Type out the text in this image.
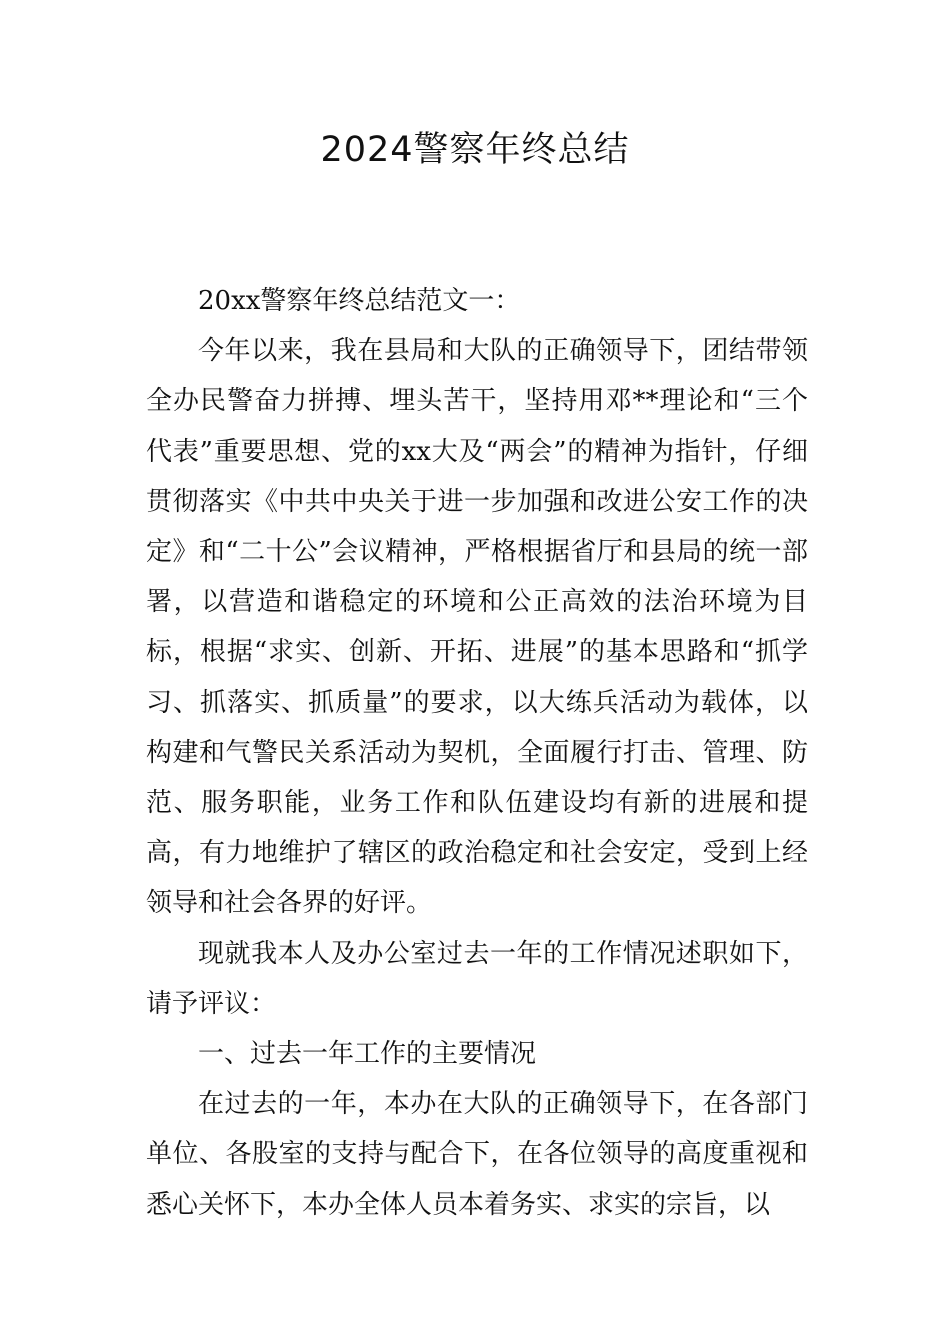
2024警察年终总结

20xx警察年终总结范文一：

今年以来，我在县局和大队的正确领导下，团结带领全办民警奋力拼搏、埋头苦干，坚持用邓**理论和“三个代表”重要思想、党的xx大及“两会”的精神为指针，仔细贯彻落实《中共中央关于进一步加强和改进公安工作的决定》和“二十公”会议精神，严格根据省厅和县局的统一部署，以营造和谐稳定的环境和公正高效的法治环境为目标，根据“求实、创新、开拓、进展”的基本思路和“抓学习、抓落实、抓质量”的要求，以大练兵活动为载体，以构建和气警民关系活动为契机，全面履行打击、管理、防范、服务职能，业务工作和队伍建设均有新的进展和提高，有力地维护了辖区的政治稳定和社会安定，受到上经领导和社会各界的好评。

现就我本人及办公室过去一年的工作情况述职如下，请予评议：

一、过去一年工作的主要情况

在过去的一年，本办在大队的正确领导下，在各部门单位、各股室的支持与配合下，在各位领导的高度重视和悉心关怀下，本办全体人员本着务实、求实的宗旨，以
